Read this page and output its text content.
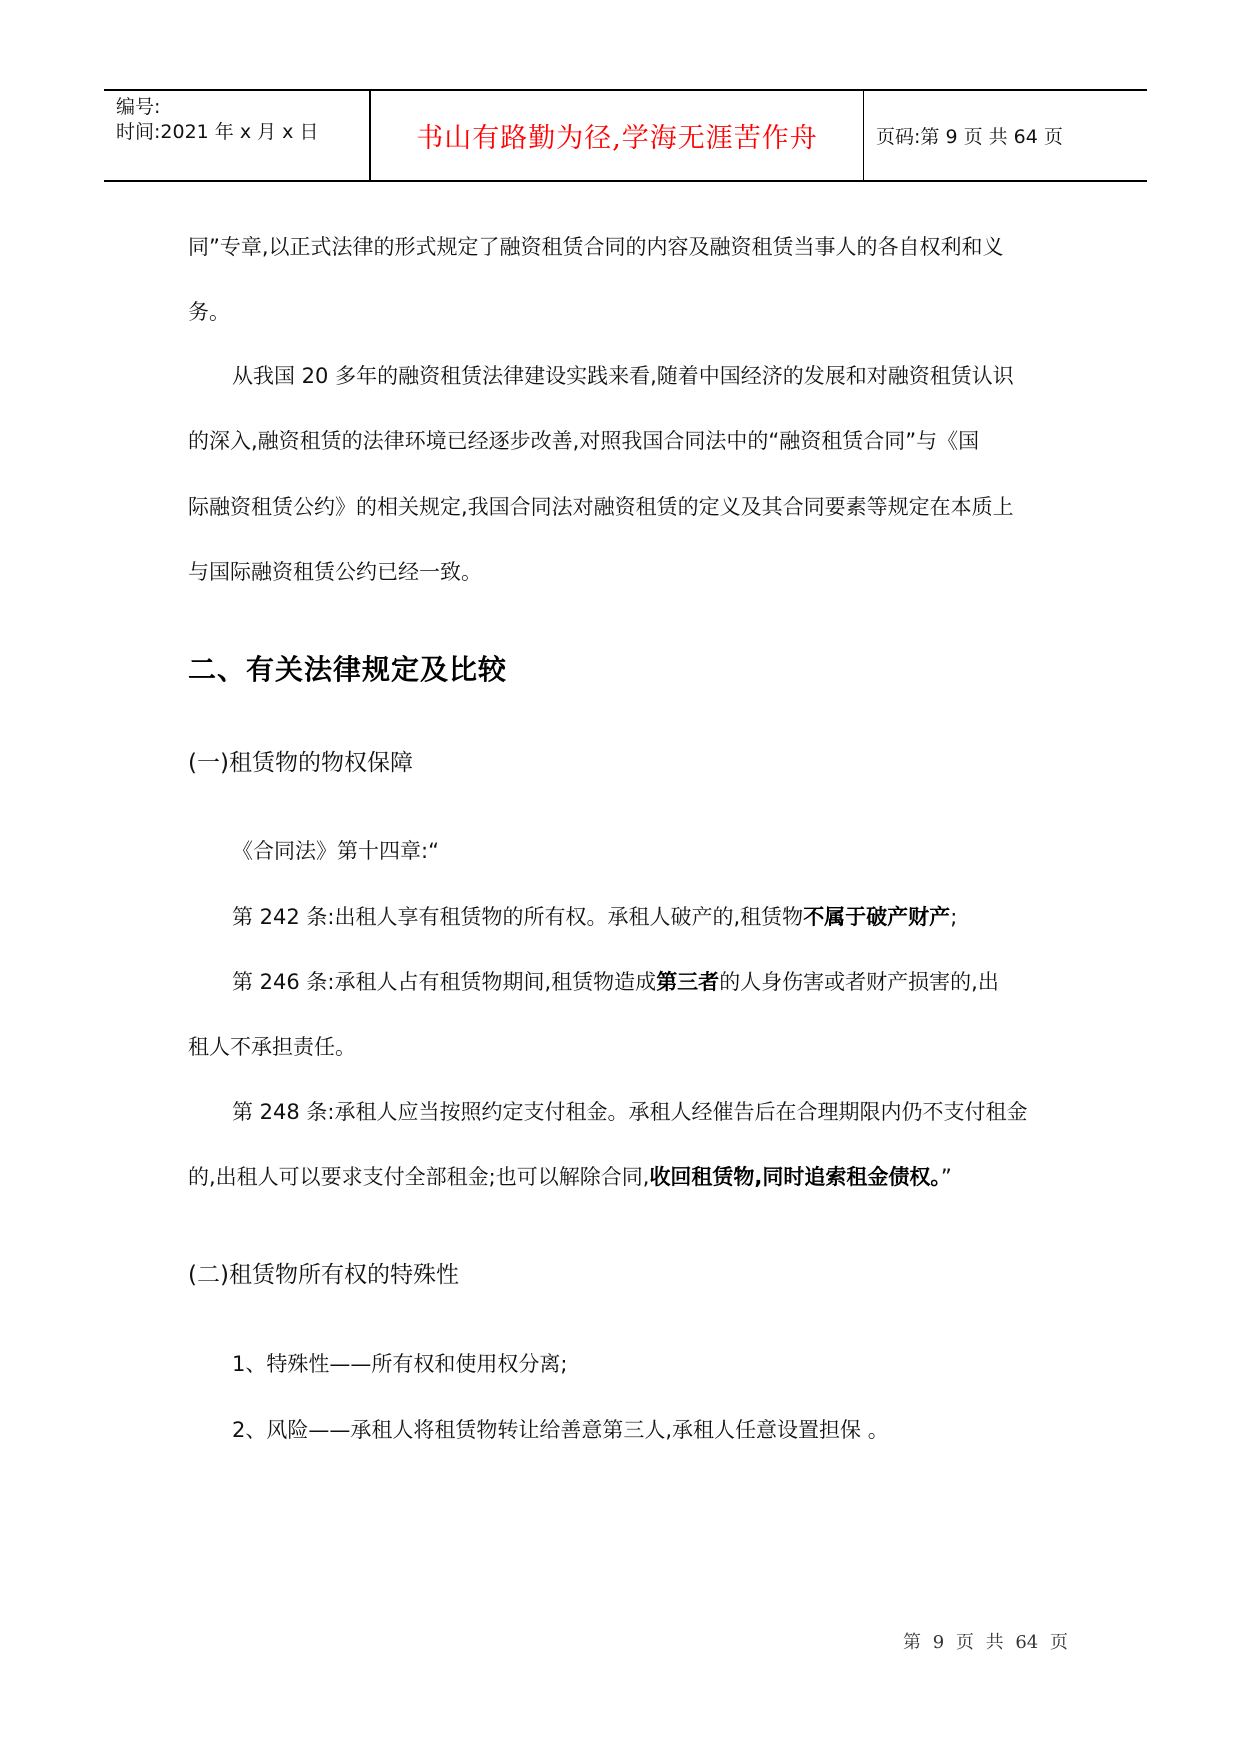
编号:
时间:2021 年 x 月 x 日	书山有路勤为径,学海无涯苦作舟	页码:第 9 页 共 64 页
同”专章,以正式法律的形式规定了融资租赁合同的内容及融资租赁当事人的各自权利和义
务。
从我国 20 多年的融资租赁法律建设实践来看,随着中国经济的发展和对融资租赁认识
的深入,融资租赁的法律环境已经逐步改善,对照我国合同法中的“融资租赁合同”与《国
际融资租赁公约》的相关规定,我国合同法对融资租赁的定义及其合同要素等规定在本质上
与国际融资租赁公约已经一致。
二、有关法律规定及比较
(一)租赁物的物权保障
《合同法》第十四章:“
第 242 条:出租人享有租赁物的所有权。承租人破产的,租赁物不属于破产财产;
第 246 条:承租人占有租赁物期间,租赁物造成第三者的人身伤害或者财产损害的,出
租人不承担责任。
第 248 条:承租人应当按照约定支付租金。承租人经催告后在合理期限内仍不支付租金
的,出租人可以要求支付全部租金;也可以解除合同,收回租赁物,同时追索租金债权。”
(二)租赁物所有权的特殊性
1、特殊性——所有权和使用权分离;
2、风险——承租人将租赁物转让给善意第三人,承租人任意设置担保 。
第 9 页 共 64 页
